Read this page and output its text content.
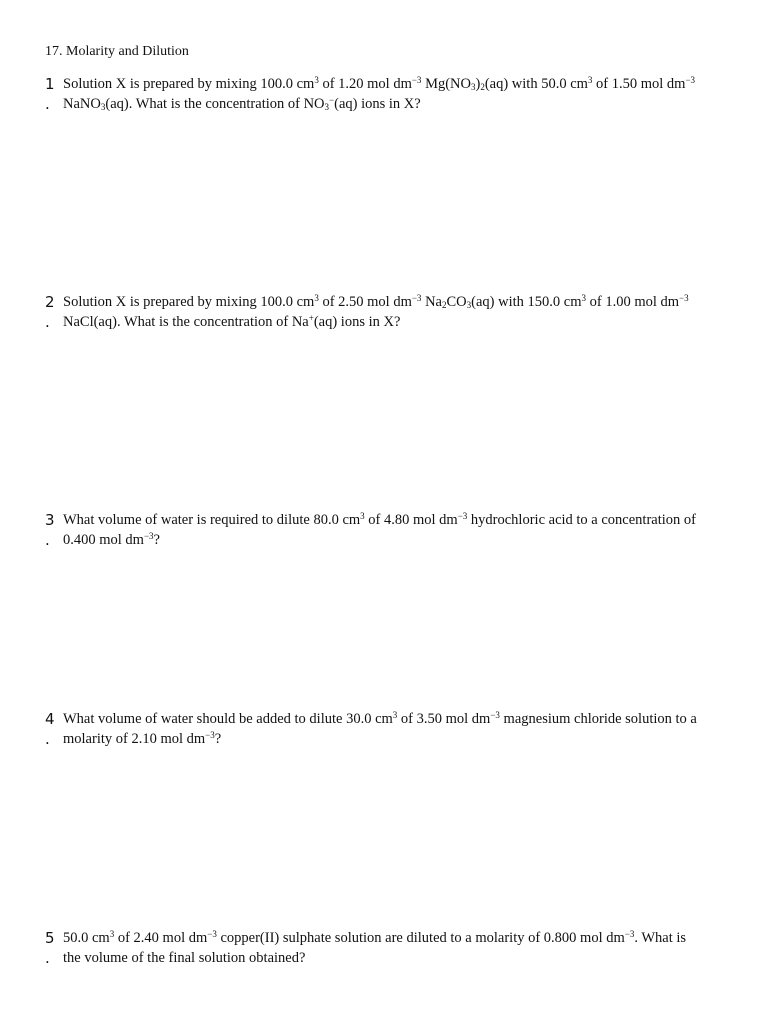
17. Molarity and Dilution
1
.
Solution X is prepared by mixing 100.0 $cm^3$ of 1.20 mol $dm^{-3}$ $Mg(NO_3)_2(aq)$ with 50.0 $cm^3$ of 1.50 mol $dm^{-3}$
NaNO$_3$(aq). What is the concentration of $NO_3^-(aq)$ ions in X?
2
.
Solution X is prepared by mixing 100.0 $cm^3$ of 2.50 mol $dm^{-3}$ $Na_2CO_3(aq)$ with 150.0 $cm^3$ of 1.00 mol $dm^{-3}$
NaCl(aq). What is the concentration of Na+(aq) ions in X?
3
.
What volume of water is required to dilute 80.0 $cm^3$ of 4.80 mol $dm^{-3}$ hydrochloric acid to a concentration of
0.400 mol $dm^{-3}$?
4
.
What volume of water should be added to dilute 30.0 $cm^3$ of 3.50 mol $dm^{-3}$ magnesium chloride solution to a
molarity of 2.10 mol $dm^{-3}$?
5
.
50.0 $cm^3$ of 2.40 mol $dm^{-3}$ copper(II) sulphate solution are diluted to a molarity of 0.800 mol $dm^{-3}$. What is
the volume of the final solution obtained?
